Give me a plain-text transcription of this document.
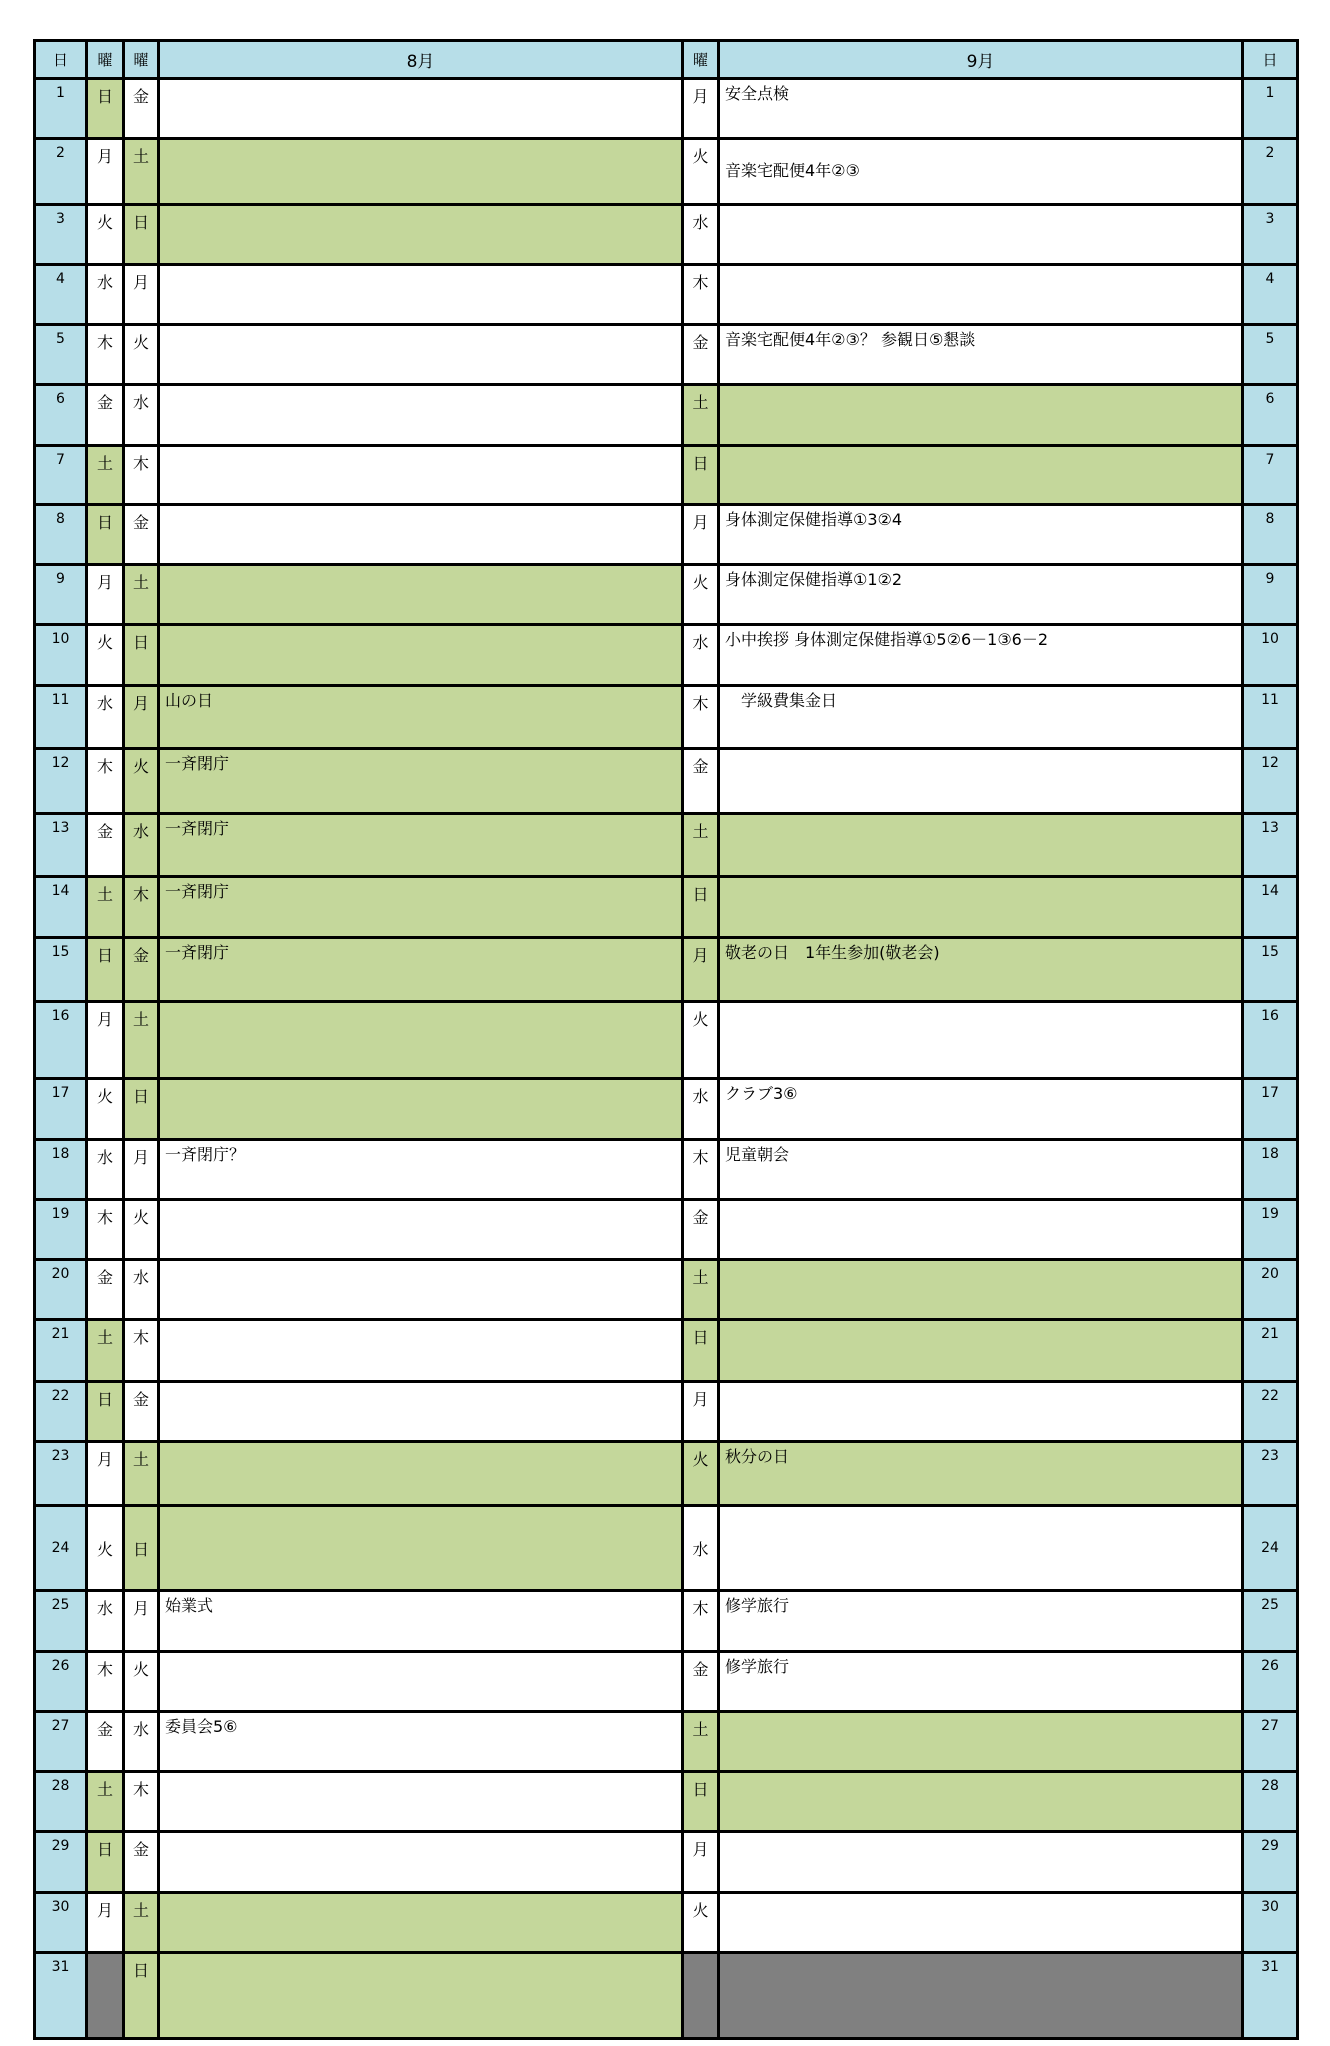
日	曜	曜	8月	曜	9月	日
1	日	金		月	安全点検	1
2	月	土		火	音楽宅配便4年②③	2
3	火	日		水		3
4	水	月		木		4
5	木	火		金	音楽宅配便4年②③？ 参観日⑤懇談	5
6	金	水		土		6
7	土	木		日		7
8	日	金		月	身体測定保健指導①3②4	8
9	月	土		火	身体測定保健指導①1②2	9
10	火	日		水	小中挨拶 身体測定保健指導①5②6－1③6－2	10
11	水	月	山の日	木	　学級費集金日	11
12	木	火	一斉閉庁	金		12
13	金	水	一斉閉庁	土		13
14	土	木	一斉閉庁	日		14
15	日	金	一斉閉庁	月	敬老の日　1年生参加(敬老会)	15
16	月	土		火		16
17	火	日		水	クラブ3⑥	17
18	水	月	一斉閉庁？	木	児童朝会	18
19	木	火		金		19
20	金	水		土		20
21	土	木		日		21
22	日	金		月		22
23	月	土		火	秋分の日	23
24	火	日		水		24
25	水	月	始業式	木	修学旅行	25
26	木	火		金	修学旅行	26
27	金	水	委員会5⑥	土		27
28	土	木		日		28
29	日	金		月		29
30	月	土		火		30
31		日				31
